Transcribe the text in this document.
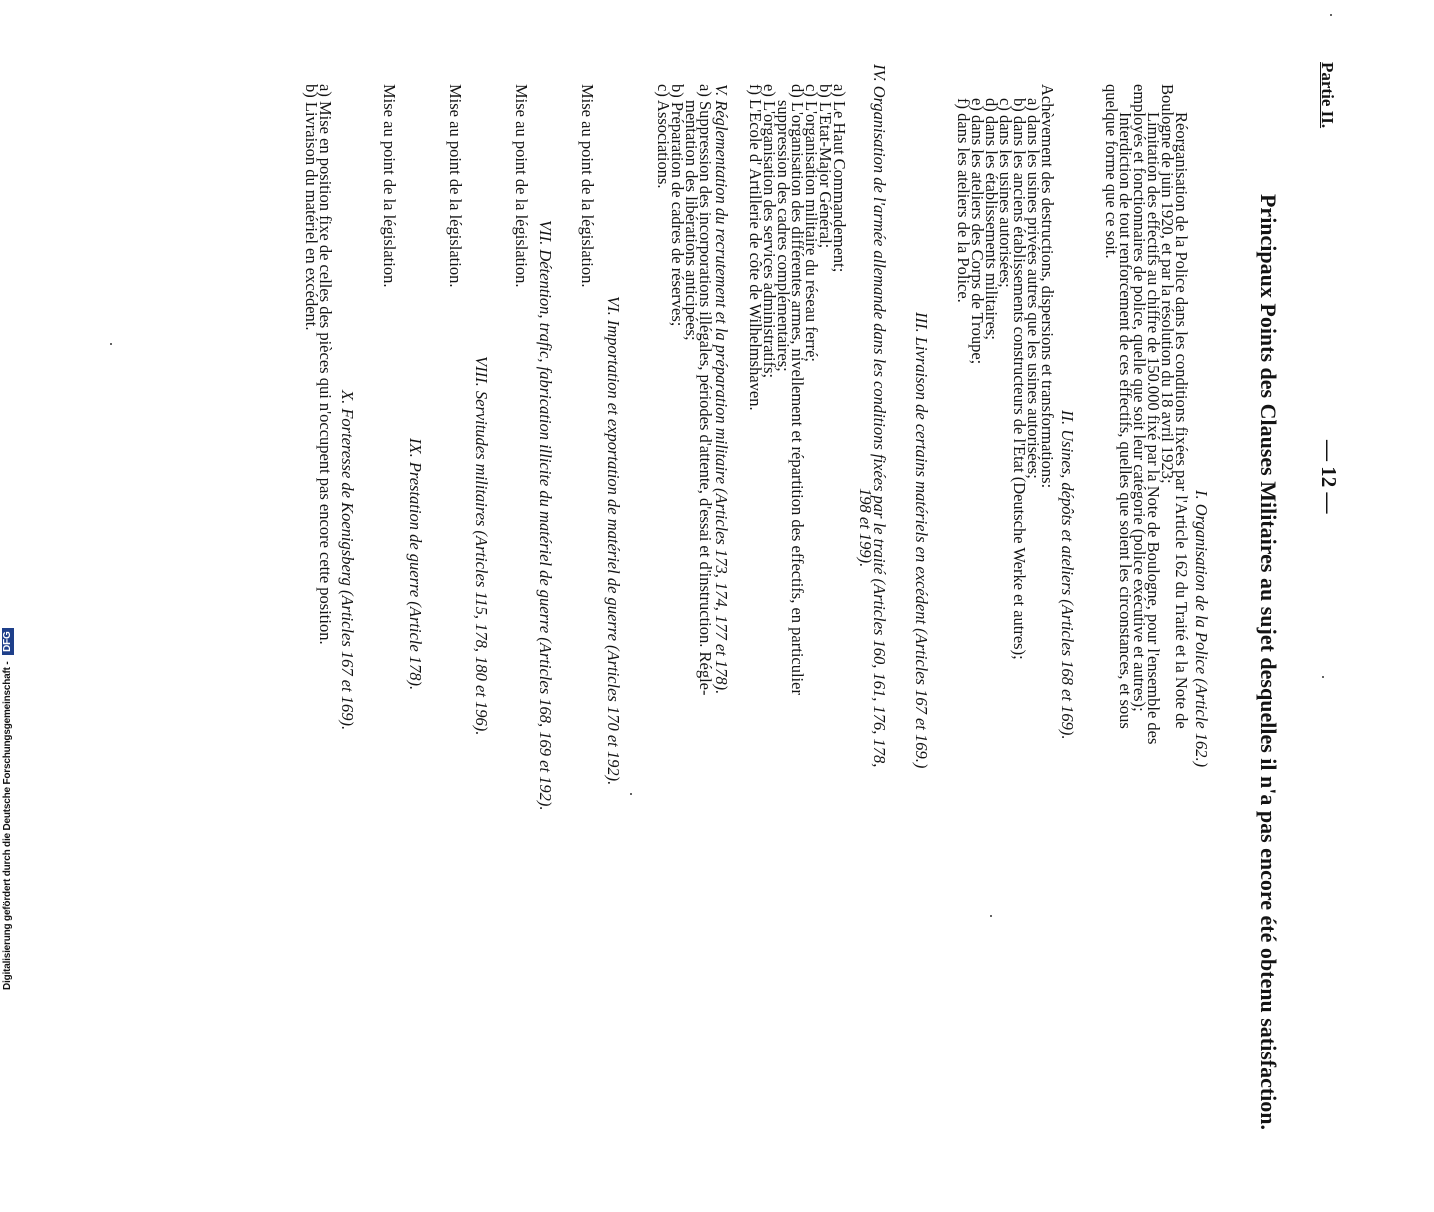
Partie II.
— 12 —
Principaux Points des Clauses Militaires au sujet desquelles il n'a pas encore été obtenu satisfaction.
I. Organisation de la Police (Article 162.)
Réorganisation de la Police dans les conditions fixées par l'Article 162 du Traité et la Note de
Boulogne de juin 1920, et par la résolution du 18 avril 1923;
Limitation des effectifs au chiffre de 150.000 fixé par la Note de Boulogne, pour l'ensemble des
employés et fonctionnaires de police, quelle que soit leur catégorie (police exécutive et autres);
Interdiction de tout renforcement de ces effectifs, quelles que soient les circonstances, et sous
quelque forme que ce soit.
II. Usines, dépôts et ateliers (Articles 168 et 169).
Achèvement des destructions, dispersions et transformations:
a) dans les usines privées autres que les usines autorisées;
b) dans les anciens établissements constructeurs de l'Etat (Deutsche Werke et autres);
c) dans les usines autorisées;
d) dans les établissements militaires;
e) dans les ateliers des Corps de Troupe;
f) dans les ateliers de la Police.
III. Livraison de certains matériels en excédent (Articles 167 et 169.)
IV. Organisation de l'armée allemande dans les conditions fixées par le traité (Articles 160, 161, 176, 178,
198 et 199).
a) Le Haut Commandement;
b) L'Etat-Major Général;
c) L'organisation militaire du réseau ferré;
d) L'organisation des différentes armes, nivellement et répartition des effectifs, en particulier
suppression des cadres complémentaires;
e) L'organisation des services administratifs;
f) L'Ecole d' Artillerie de côte de Wilhelmshaven.
V. Réglementation du recrutement et la préparation militaire (Articles 173, 174, 177 et 178).
a) Suppression des incorporations illégales, périodes d'attente, d'essai et d'instruction. Régle-
mentation des libérations anticipées;
b) Préparation de cadres de réserves;
c) Associations.
VI. Importation et exportation de matériel de guerre (Articles 170 et 192).
Mise au point de la législation.
VII. Détention, trafic, fabrication illicite du matériel de guerre (Articles 168, 169 et 192).
Mise au point de la législation.
VIII. Servitudes militaires (Articles 115, 178, 180 et 196).
Mise au point de la législation.
IX. Prestation de guerre (Article 178).
Mise au point de la législation.
X. Forteresse de Koenigsberg (Articles 167 et 169).
a) Mise en position fixe de celles des pièces qui n'occupent pas encore cette position.
b) Livraison du matériel en excédent.
Digitalisierung gefördert durch die Deutsche Forschungsgemeinschaft - DFG
